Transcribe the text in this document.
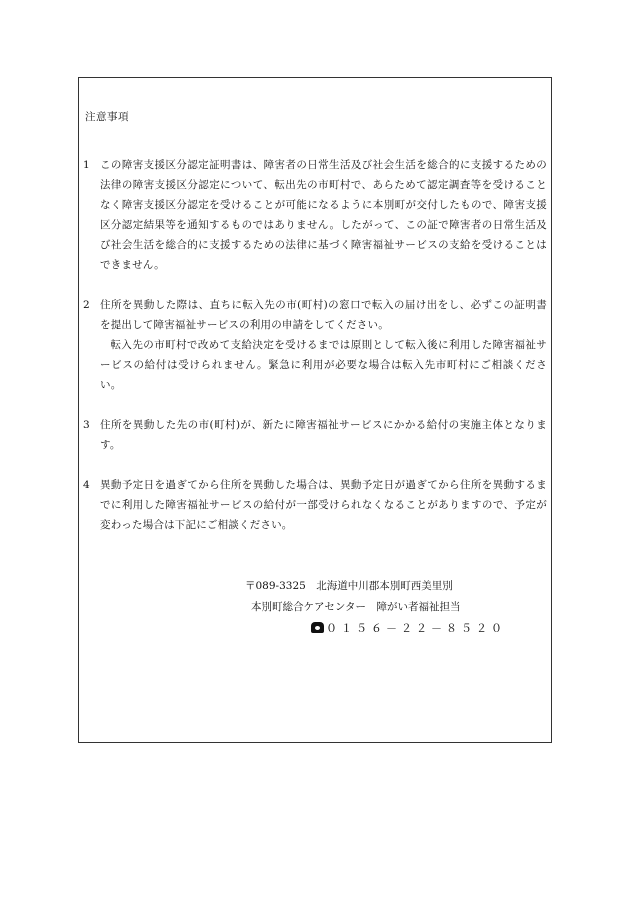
注意事項
1 この障害支援区分認定証明書は、障害者の日常生活及び社会生活を総合的に支援するための法律の障害支援区分認定について、転出先の市町村で、あらためて認定調査等を受けることなく障害支援区分認定を受けることが可能になるように本別町が交付したもので、障害支援区分認定結果等を通知するものではありません。したがって、この証で障害者の日常生活及び社会生活を総合的に支援するための法律に基づく障害福祉サービスの支給を受けることはできません。

2 住所を異動した際は、直ちに転入先の市(町村)の窓口で転入の届け出をし、必ずこの証明書を提出して障害福祉サービスの利用の申請をしてください。

転入先の市町村で改めて支給決定を受けるまでは原則として転入後に利用した障害福祉サービスの給付は受けられません。緊急に利用が必要な場合は転入先市町村にご相談ください。

3 住所を異動した先の市(町村)が、新たに障害福祉サービスにかかる給付の実施主体となります。

4 異動予定日を過ぎてから住所を異動した場合は、異動予定日が過ぎてから住所を異動するまでに利用した障害福祉サービスの給付が一部受けられなくなることがありますので、予定が変わった場合は下記にご相談ください。

〒089-3325　北海道中川郡本別町西美里別
本別町総合ケアセンター　障がい者福祉担当
０１５６－２２－８５２０
